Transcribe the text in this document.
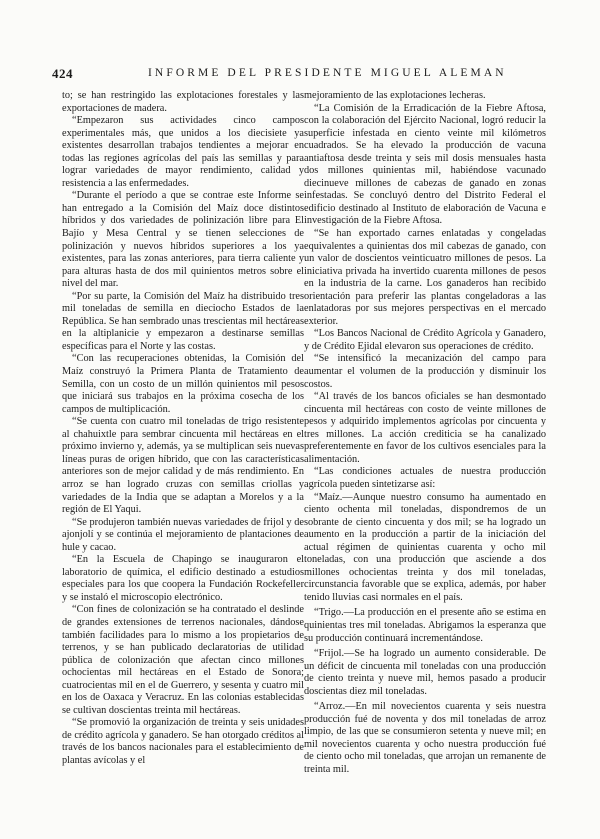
424	INFORME DEL PRESIDENTE MIGUEL ALEMAN

to; se han restringido las explotaciones forestales y las exportaciones de madera.

“Empezaron sus actividades cinco campos experimentales más, que unidos a los diecisiete ya existentes desarrollan trabajos tendientes a mejorar en todas las regiones agrícolas del país las semillas y para lograr variedades de mayor rendimiento, calidad y resistencia a las enfermedades.

“Durante el período a que se contrae este Informe se han entregado a la Comisión del Maíz doce distintos híbridos y dos variedades de polinización libre para El Bajío y Mesa Central y se tienen selecciones de polinización y nuevos híbridos superiores a los ya existentes, para las zonas anteriores, para tierra caliente y para alturas hasta de dos mil quinientos metros sobre el nivel del mar.

“Por su parte, la Comisión del Maíz ha distribuido tres mil toneladas de semilla en dieciocho Estados de la República. Se han sembrado unas trescientas mil hectáreas en la altiplanicie y empezaron a destinarse semillas específicas para el Norte y las costas.

“Con las recuperaciones obtenidas, la Comisión del Maíz construyó la Primera Planta de Tratamiento de Semilla, con un costo de un millón quinientos mil pesos que iniciará sus trabajos en la próxima cosecha de los campos de multiplicación.

“Se cuenta con cuatro mil toneladas de trigo resistente al chahuixtle para sembrar cincuenta mil hectáreas en el próximo invierno y, además, ya se multiplican seis nuevas líneas puras de origen híbrido, que con las características anteriores son de mejor calidad y de más rendimiento. En arroz se han logrado cruzas con semillas criollas y variedades de la India que se adaptan a Morelos y a la región de El Yaqui.

“Se produjeron también nuevas variedades de frijol y de ajonjolí y se continúa el mejoramiento de plantaciones de hule y cacao.

“En la Escuela de Chapingo se inauguraron el laboratorio de química, el edificio destinado a estudios especiales para los que coopera la Fundación Rockefeller y se instaló el microscopio electrónico.

“Con fines de colonización se ha contratado el deslinde de grandes extensiones de terrenos nacionales, dándose también facilidades para lo mismo a los propietarios de terrenos, y se han publicado declaratorias de utilidad pública de colonización que afectan cinco millones ochocientas mil hectáreas en el Estado de Sonora; cuatrocientas mil en el de Guerrero, y sesenta y cuatro mil en los de Oaxaca y Veracruz. En las colonias establecidas se cultivan doscientas treinta mil hectáreas.

“Se promovió la organización de treinta y seis unidades de crédito agrícola y ganadero. Se han otorgado créditos al través de los bancos nacionales para el establecimiento de plantas avícolas y el

mejoramiento de las explotaciones lecheras.

“La Comisión de la Erradicación de la Fiebre Aftosa, con la colaboración del Ejército Nacional, logró reducir la superficie infestada en ciento veinte mil kilómetros cuadrados. Se ha elevado la producción de vacuna antiaftosa desde treinta y seis mil dosis mensuales hasta dos millones quinientas mil, habiéndose vacunado diecinueve millones de cabezas de ganado en zonas infestadas. Se concluyó dentro del Distrito Federal el edificio destinado al Instituto de elaboración de Vacuna e investigación de la Fiebre Aftosa.

“Se han exportado carnes enlatadas y congeladas equivalentes a quinientas dos mil cabezas de ganado, con un valor de doscientos veinticuatro millones de pesos. La iniciativa privada ha invertido cuarenta millones de pesos en la industria de la carne. Los ganaderos han recibido orientación para preferir las plantas congeladoras a las enlatadoras por sus mejores perspectivas en el mercado exterior.

“Los Bancos Nacional de Crédito Agrícola y Ganadero, y de Crédito Ejidal elevaron sus operaciones de crédito.

“Se intensificó la mecanización del campo para aumentar el volumen de la producción y disminuir los costos.

“Al través de los bancos oficiales se han desmontado cincuenta mil hectáreas con costo de veinte millones de pesos y adquirido implementos agrícolas por cincuenta y tres millones. La acción crediticia se ha canalizado preferentemente en favor de los cultivos esenciales para la alimentación.

“Las condiciones actuales de nuestra producción agrícola pueden sintetizarse así:

“Maíz.—Aunque nuestro consumo ha aumentado en ciento ochenta mil toneladas, dispondremos de un sobrante de ciento cincuenta y dos mil; se ha logrado un aumento en la producción a partir de la iniciación del actual régimen de quinientas cuarenta y ocho mil toneladas, con una producción que asciende a dos millones ochocientas treinta y dos mil toneladas, circunstancia favorable que se explica, además, por haber tenido lluvias casi normales en el país.

“Trigo.—La producción en el presente año se estima en quinientas tres mil toneladas. Abrigamos la esperanza que su producción continuará incrementándose.

“Frijol.—Se ha logrado un aumento considerable. De un déficit de cincuenta mil toneladas con una producción de ciento treinta y nueve mil, hemos pasado a producir doscientas diez mil toneladas.

“Arroz.—En mil novecientos cuarenta y seis nuestra producción fué de noventa y dos mil toneladas de arroz limpio, de las que se consumieron setenta y nueve mil; en mil novecientos cuarenta y ocho nuestra producción fué de ciento ocho mil toneladas, que arrojan un remanente de treinta mil.
